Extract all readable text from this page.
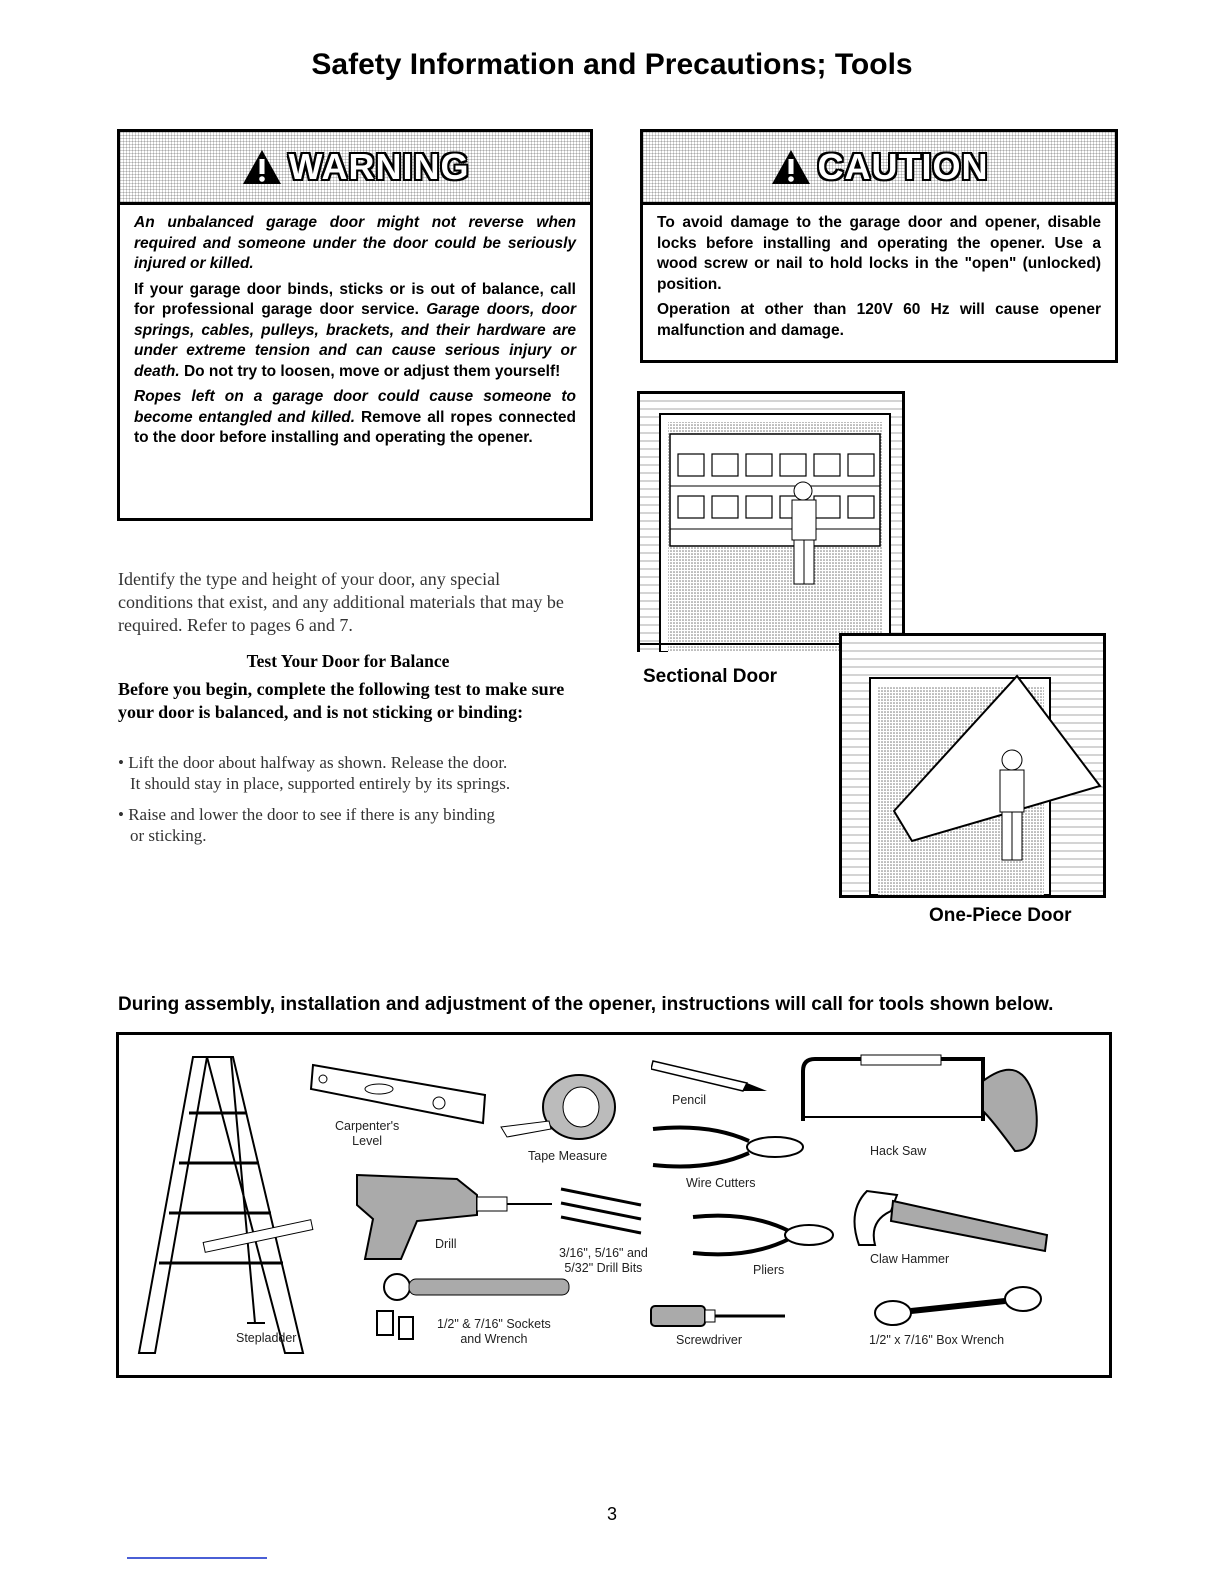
Safety Information and Precautions; Tools
WARNING

An unbalanced garage door might not reverse when required and someone under the door could be seriously injured or killed.

If your garage door binds, sticks or is out of balance, call for professional garage door service. Garage doors, door springs, cables, pulleys, brackets, and their hardware are under extreme tension and can cause serious injury or death. Do not try to loosen, move or adjust them yourself!

Ropes left on a garage door could cause someone to become entangled and killed. Remove all ropes connected to the door before installing and operating the opener.

CAUTION

To avoid damage to the garage door and opener, disable locks before installing and operating the opener. Use a wood screw or nail to hold locks in the "open" (unlocked) position.

Operation at other than 120V 60 Hz will cause opener malfunction and damage.

Identify the type and height of your door, any special conditions that exist, and any additional materials that may be required. Refer to pages 6 and 7.
Test Your Door for Balance
Before you begin, complete the following test to make sure your door is balanced, and is not sticking or binding:
• Lift the door about halfway as shown. Release the door.
It should stay in place, supported entirely by its springs.
• Raise and lower the door to see if there is any binding
or sticking.
Sectional Door
One-Piece Door
During assembly, installation and adjustment of the opener, instructions will call for tools shown below.
Stepladder
Carpenter's
Level
Tape Measure
Drill
3/16", 5/16" and
5/32" Drill Bits
1/2" & 7/16" Sockets
and Wrench
Pencil
Wire Cutters
Pliers
Screwdriver
Hack Saw
Claw Hammer
1/2" x 7/16" Box Wrench
3
